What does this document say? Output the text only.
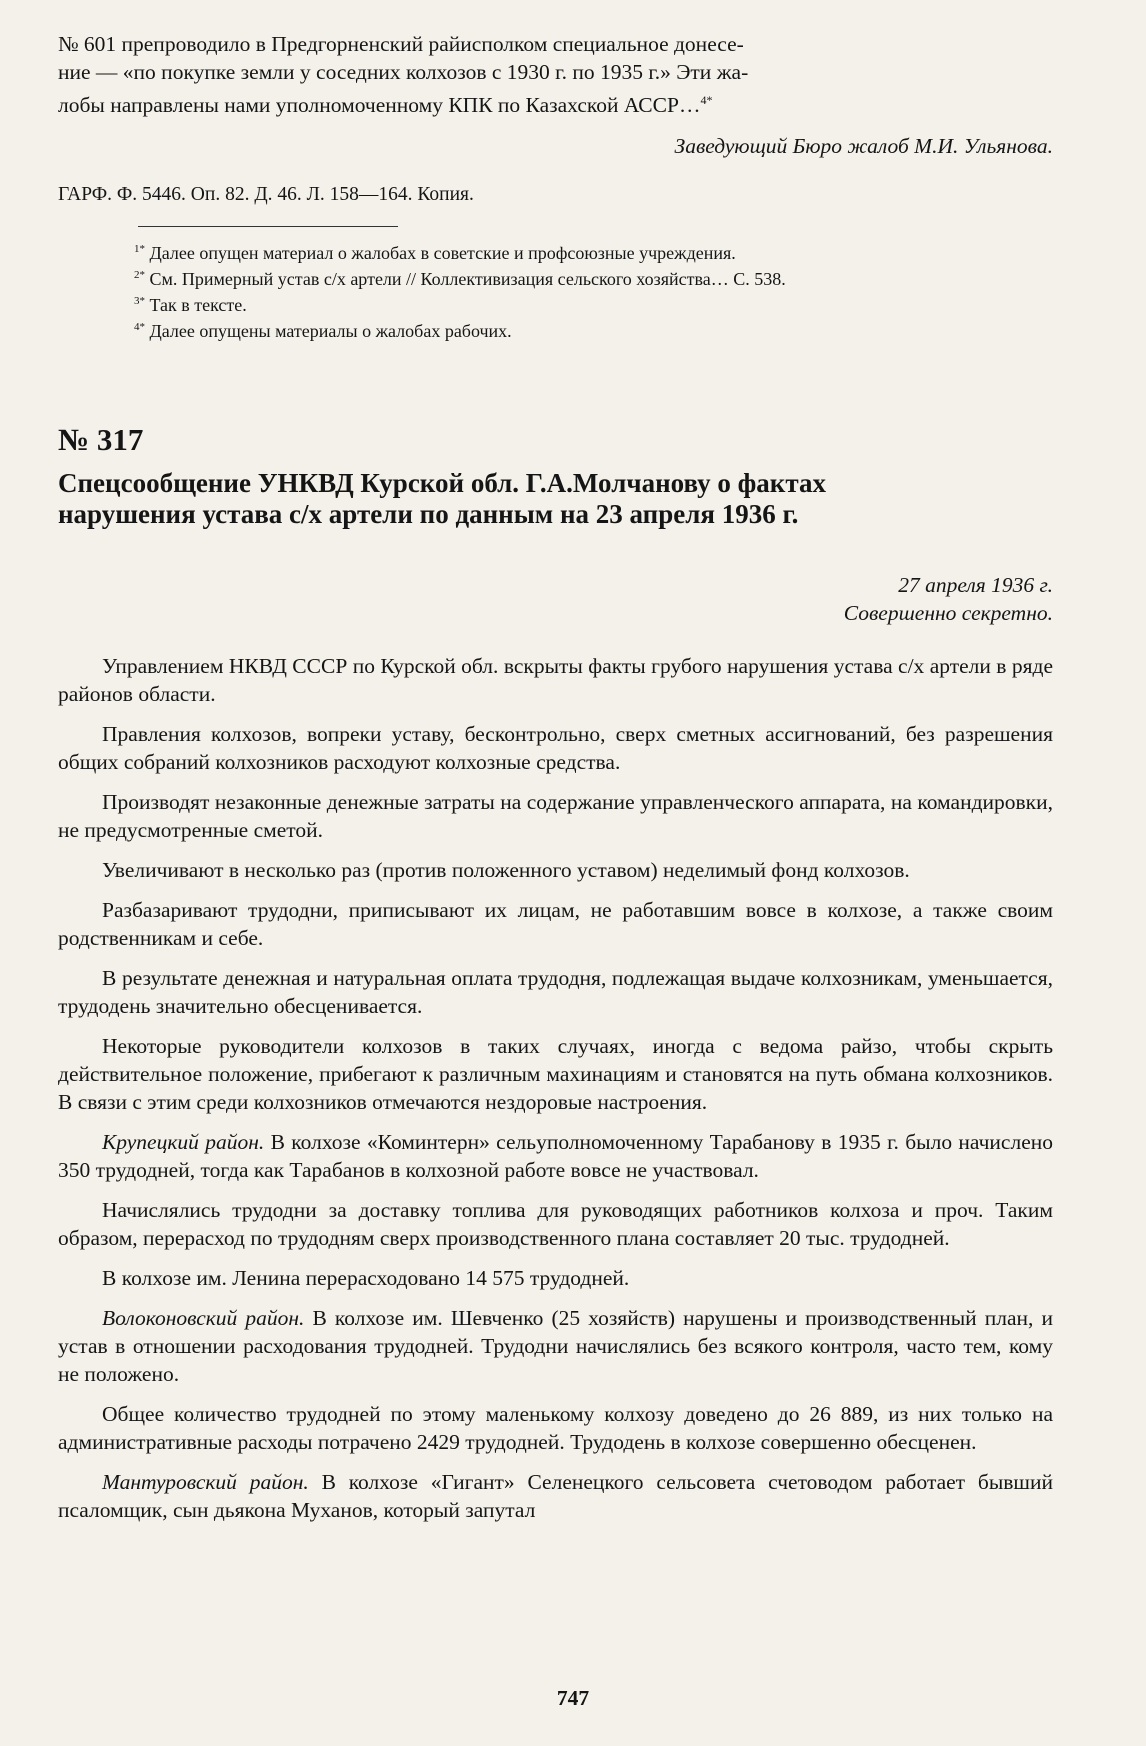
№ 601 препроводило в Предгорненский райисполком специальное донесе-
ние — «по покупке земли у соседних колхозов с 1930 г. по 1935 г.» Эти жа-
лобы направлены нами уполномоченному КПК по Казахской АССР…$^{4*}$
Заведующий Бюро жалоб М.И. Ульянова.
ГАРФ. Ф. 5446. Оп. 82. Д. 46. Л. 158—164. Копия.

$^{1*}$ Далее опущен материал о жалобах в советские и профсоюзные учреждения.

$^{2*}$ См. Примерный устав с/х артели // Коллективизация сельского хозяйства… С. 538.

$^{3*}$ Так в тексте.

$^{4*}$ Далее опущены материалы о жалобах рабочих.

№ 317
Спецсообщение УНКВД Курской обл. Г.А.Молчанову о фактах нарушения устава с/х артели по данным на 23 апреля 1936 г.
27 апреля 1936 г.
Совершенно секретно.

Управлением НКВД СССР по Курской обл. вскрыты факты грубого нарушения устава с/х артели в ряде районов области.

Правления колхозов, вопреки уставу, бесконтрольно, сверх сметных ассигнований, без разрешения общих собраний колхозников расходуют колхозные средства.

Производят незаконные денежные затраты на содержание управленческого аппарата, на командировки, не предусмотренные сметой.

Увеличивают в несколько раз (против положенного уставом) неделимый фонд колхозов.

Разбазаривают трудодни, приписывают их лицам, не работавшим вовсе в колхозе, а также своим родственникам и себе.

В результате денежная и натуральная оплата трудодня, подлежащая выдаче колхозникам, уменьшается, трудодень значительно обесценивается.

Некоторые руководители колхозов в таких случаях, иногда с ведома райзо, чтобы скрыть действительное положение, прибегают к различным махинациям и становятся на путь обмана колхозников. В связи с этим среди колхозников отмечаются нездоровые настроения.

Крупецкий район. В колхозе «Коминтерн» сельуполномоченному Тарабанову в 1935 г. было начислено 350 трудодней, тогда как Тарабанов в колхозной работе вовсе не участвовал.

Начислялись трудодни за доставку топлива для руководящих работников колхоза и проч. Таким образом, перерасход по трудодням сверх производственного плана составляет 20 тыс. трудодней.

В колхозе им. Ленина перерасходовано 14 575 трудодней.

Волоконовский район. В колхозе им. Шевченко (25 хозяйств) нарушены и производственный план, и устав в отношении расходования трудодней. Трудодни начислялись без всякого контроля, часто тем, кому не положено.

Общее количество трудодней по этому маленькому колхозу доведено до 26 889, из них только на административные расходы потрачено 2429 трудодней. Трудодень в колхозе совершенно обесценен.

Мантуровский район. В колхозе «Гигант» Селенецкого сельсовета счетоводом работает бывший псаломщик, сын дьякона Муханов, который запутал

747
